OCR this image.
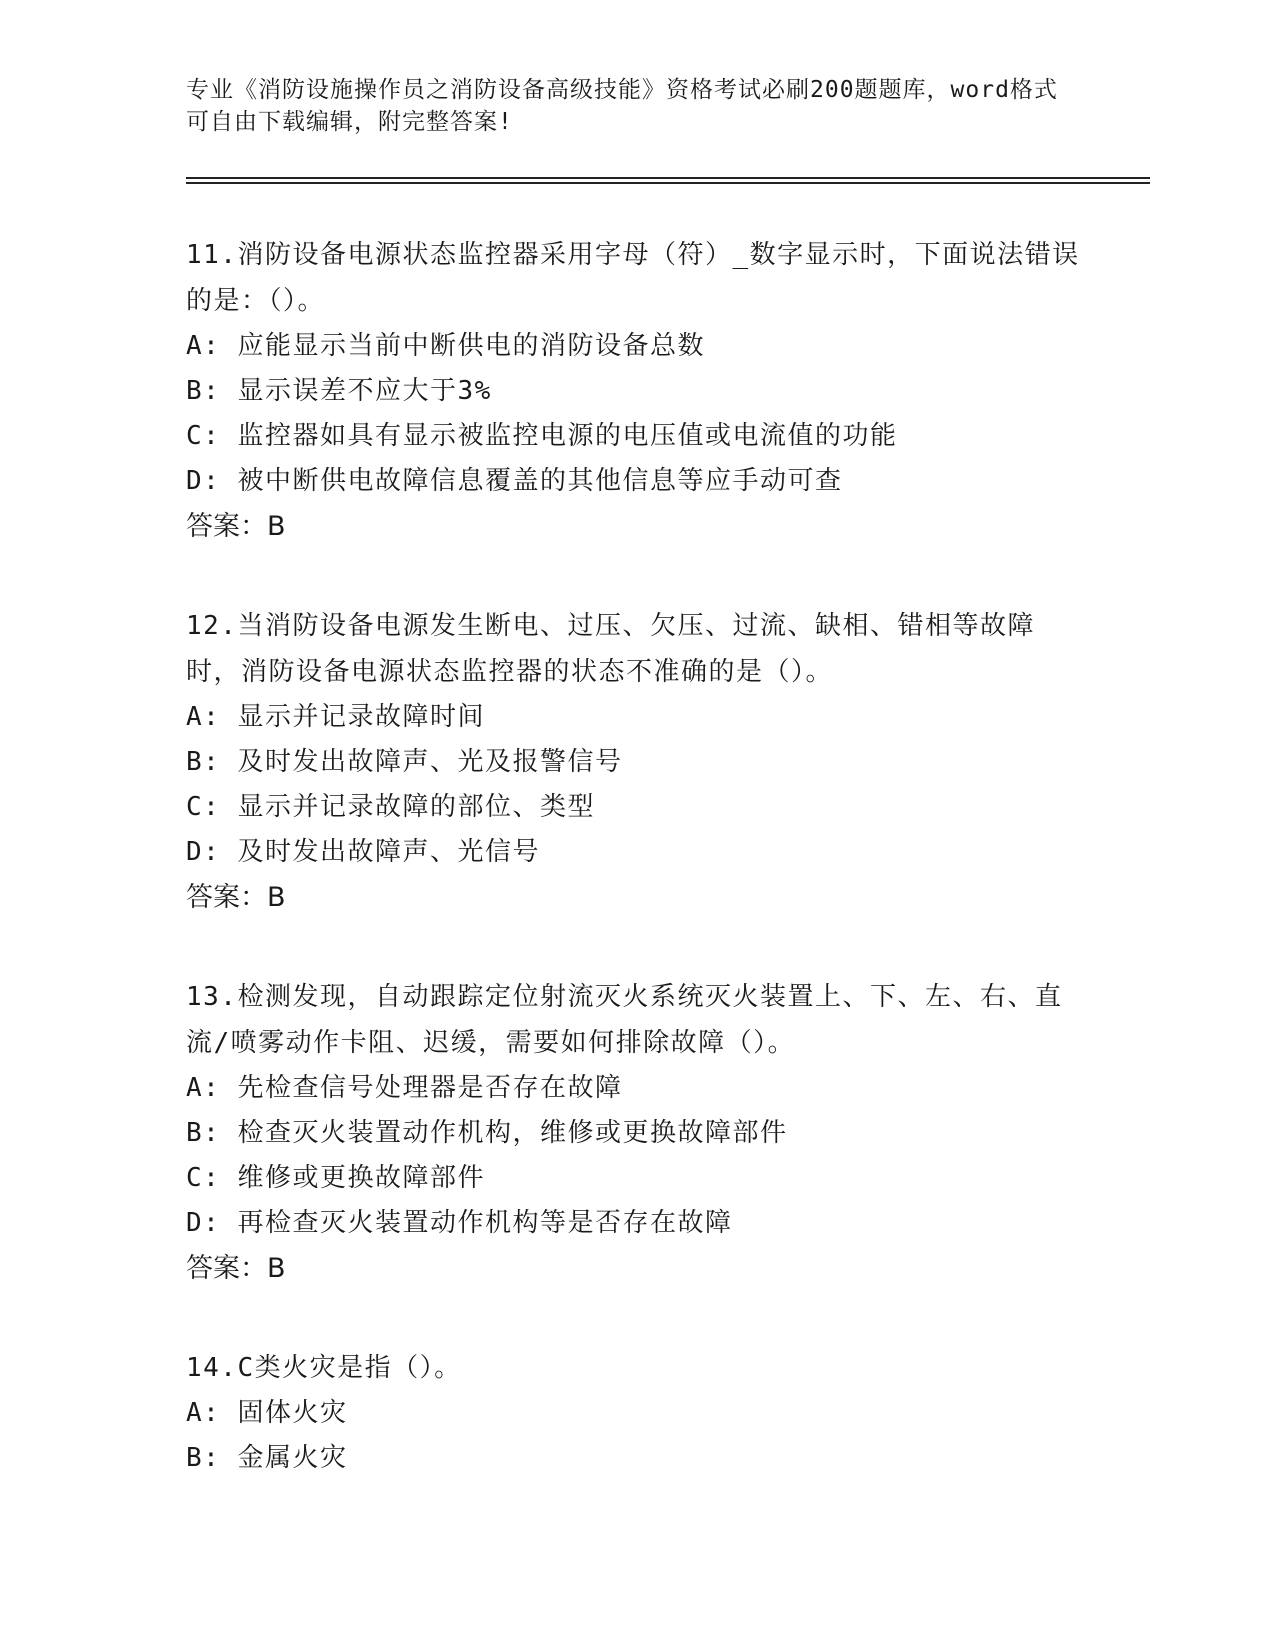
专业《消防设施操作员之消防设备高级技能》资格考试必刷200题题库，word格式可自由下载编辑，附完整答案!
11.消防设备电源状态监控器采用字母（符）_数字显示时，下面说法错误的是：（）。
A: 应能显示当前中断供电的消防设备总数
B: 显示误差不应大于3%
C: 监控器如具有显示被监控电源的电压值或电流值的功能
D: 被中断供电故障信息覆盖的其他信息等应手动可查
答案：B
12.当消防设备电源发生断电、过压、欠压、过流、缺相、错相等故障时，消防设备电源状态监控器的状态不准确的是（）。
A: 显示并记录故障时间
B: 及时发出故障声、光及报警信号
C: 显示并记录故障的部位、类型
D: 及时发出故障声、光信号
答案：B
13.检测发现，自动跟踪定位射流灭火系统灭火装置上、下、左、右、直流/喷雾动作卡阻、迟缓，需要如何排除故障（）。
A: 先检查信号处理器是否存在故障
B: 检查灭火装置动作机构，维修或更换故障部件
C: 维修或更换故障部件
D: 再检查灭火装置动作机构等是否存在故障
答案：B
14.C类火灾是指（）。
A: 固体火灾
B: 金属火灾
